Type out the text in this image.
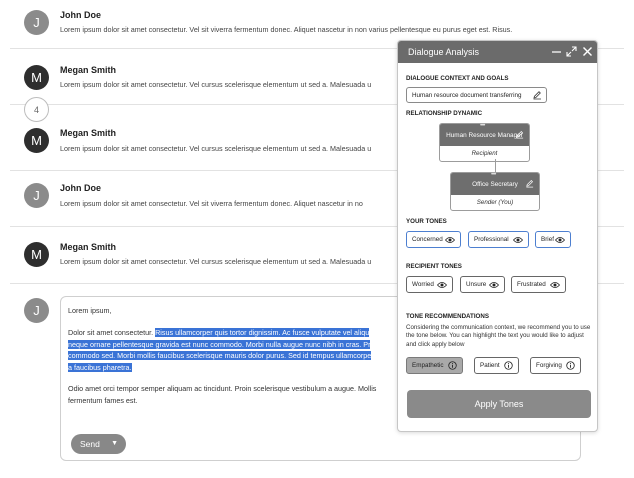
J	John Doe
Lorem ipsum dolor sit amet consectetur. Vel sit viverra fermentum donec. Aliquet nascetur in non varius pellentesque eu purus eget est. Risus.
M	Megan Smith
Lorem ipsum dolor sit amet consectetur. Vel cursus scelerisque elementum ut sed a. Malesuada u
4
M	Megan Smith
Lorem ipsum dolor sit amet consectetur. Vel cursus scelerisque elementum ut sed a. Malesuada u
J	John Doe
Lorem ipsum dolor sit amet consectetur. Vel sit viverra fermentum donec. Aliquet nascetur in no
M	Megan Smith
Lorem ipsum dolor sit amet consectetur. Vel cursus scelerisque elementum ut sed a. Malesuada u
J	Lorem ipsum,
Dolor sit amet consectetur. Risus ullamcorper quis tortor dignissim. Ac fusce vulputate vel aliqu
neque ornare pellentesque gravida est nunc commodo. Morbi nulla augue nunc nibh in cras. Pr
commodo sed. Morbi mollis faucibus scelerisque mauris dolor purus. Sed id tempus ullamcorpe
a faucibus pharetra.
Odio amet orci tempor semper aliquam ac tincidunt. Proin scelerisque vestibulum a augue. Mollis
fermentum fames est.
Send ▼
Dialogue Analysis
DIALOGUE CONTEXT AND GOALS
Human resource document transferring
RELATIONSHIP DYNAMIC
••••
Human Resource Manager
Recipient
••••
Office Secretary
Sender (You)
YOUR TONES
Concerned	Professional	Brief
RECIPIENT TONES
Worried	Unsure	Frustrated
TONE RECOMMENDATIONS
Considering the communication context, we recommend you to use the tone below. You can highlight the text you would like to adjust and click apply below
Empathetic	Patient	Forgiving
Apply Tones
